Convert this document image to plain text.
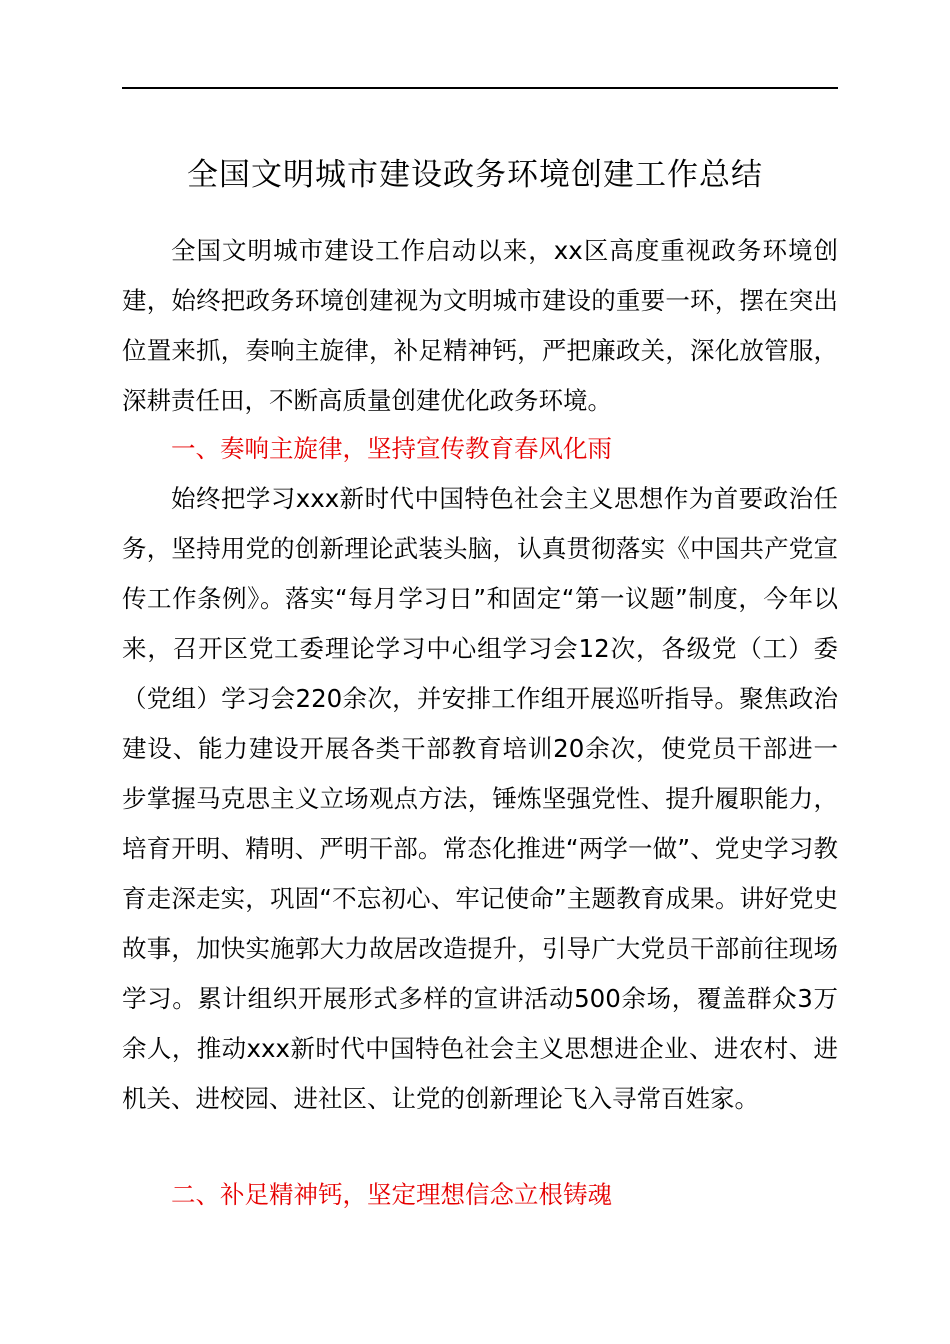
全国文明城市建设政务环境创建工作总结

全国文明城市建设工作启动以来，xx区高度重视政务环境创建，始终把政务环境创建视为文明城市建设的重要一环，摆在突出位置来抓，奏响主旋律，补足精神钙，严把廉政关，深化放管服，深耕责任田，不断高质量创建优化政务环境。

一、奏响主旋律，坚持宣传教育春风化雨

始终把学习xxx新时代中国特色社会主义思想作为首要政治任务，坚持用党的创新理论武装头脑，认真贯彻落实《中国共产党宣传工作条例》。落实“每月学习日”和固定“第一议题”制度，今年以来，召开区党工委理论学习中心组学习会12次，各级党（工）委（党组）学习会220余次，并安排工作组开展巡听指导。聚焦政治建设、能力建设开展各类干部教育培训20余次，使党员干部进一步掌握马克思主义立场观点方法，锤炼坚强党性、提升履职能力，培育开明、精明、严明干部。常态化推进“两学一做”、党史学习教育走深走实，巩固“不忘初心、牢记使命”主题教育成果。讲好党史故事，加快实施郭大力故居改造提升，引导广大党员干部前往现场学习。累计组织开展形式多样的宣讲活动500余场，覆盖群众3万余人，推动xxx新时代中国特色社会主义思想进企业、进农村、进机关、进校园、进社区、让党的创新理论飞入寻常百姓家。

二、补足精神钙，坚定理想信念立根铸魂
